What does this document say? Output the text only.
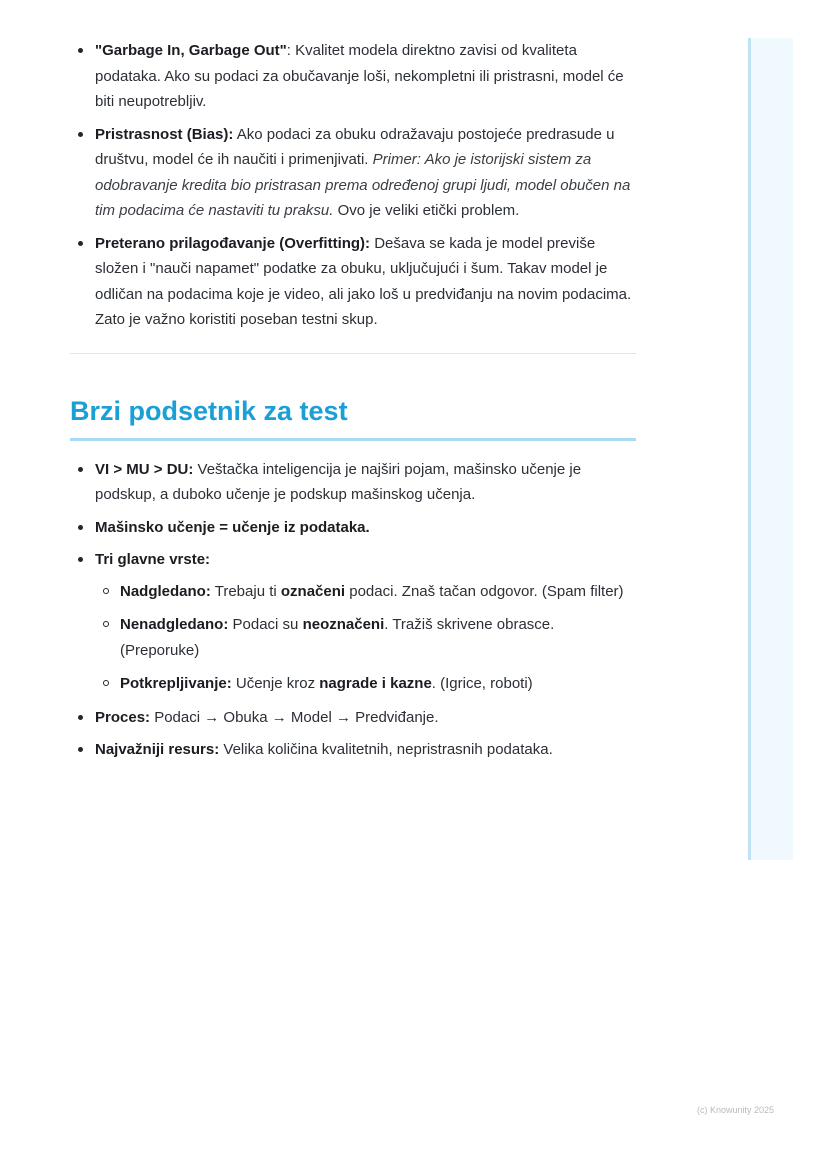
"Garbage In, Garbage Out": Kvalitet modela direktno zavisi od kvaliteta podataka. Ako su podaci za obučavanje loši, nekompletni ili pristrasni, model će biti neupotrebljiv.
Pristrasnost (Bias): Ako podaci za obuku odražavaju postojeće predrasude u društvu, model će ih naučiti i primenjivati. Primer: Ako je istorijski sistem za odobravanje kredita bio pristrasan prema određenoj grupi ljudi, model obučen na tim podacima će nastaviti tu praksu. Ovo je veliki etički problem.
Preterano prilagođavanje (Overfitting): Dešava se kada je model previše složen i "nauči napamet" podatke za obuku, uključujući i šum. Takav model je odličan na podacima koje je video, ali jako loš u predviđanju na novim podacima. Zato je važno koristiti poseban testni skup.
Brzi podsetnik za test
VI > MU > DU: Veštačka inteligencija je najširi pojam, mašinsko učenje je podskup, a duboko učenje je podskup mašinskog učenja.
Mašinsko učenje = učenje iz podataka.
Tri glavne vrste:
Nadgledano: Trebaju ti označeni podaci. Znaš tačan odgovor. (Spam filter)
Nenadgledano: Podaci su neoznačeni. Tražiš skrivene obrasce. (Preporuke)
Potkrepljivanje: Učenje kroz nagrade i kazne. (Igrice, roboti)
Proces: Podaci → Obuka → Model → Predviđanje.
Najvažniji resurs: Velika količina kvalitetnih, nepristrasnih podataka.
(c) Knowunity 2025
